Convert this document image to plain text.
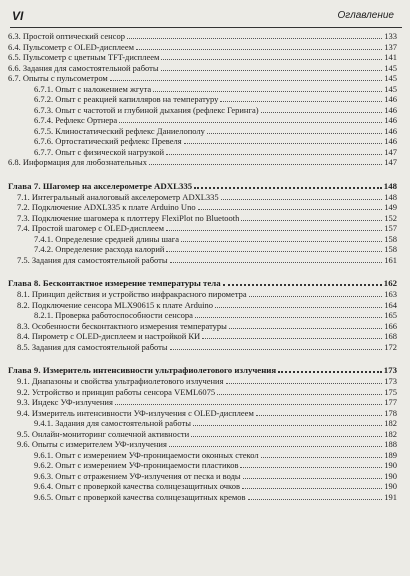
VI	Оглавление
6.3. Простой оптический сенсор	133
6.4. Пульсометр с OLED-дисплеем	137
6.5. Пульсометр с цветным TFT-дисплеем	141
6.6. Задания для самостоятельной работы	145
6.7. Опыты с пульсометром	145
6.7.1. Опыт с наложением жгута	145
6.7.2. Опыт с реакцией капилляров на температуру	146
6.7.3. Опыт с частотой и глубиной дыхания (рефлекс Геринга)	146
6.7.4. Рефлекс Ортнера	146
6.7.5. Клиностатический рефлекс Даниелополу	146
6.7.6. Ортостатический рефлекс Превеля	146
6.7.7. Опыт с физической нагрузкой	147
6.8. Информация для любознательных	147
Глава 7. Шагомер на акселерометре ADXL335	148
7.1. Интегральный аналоговый акселерометр ADXL335	148
7.2. Подключение ADXL335 к плате Arduino Uno	149
7.3. Подключение шагомера к плоттеру FlexiPlot по Bluetooth	152
7.4. Простой шагомер с OLED-дисплеем	157
7.4.1. Определение средней длины шага	158
7.4.2. Определение расхода калорий	158
7.5. Задания для самостоятельной работы	161
Глава 8. Бесконтактное измерение температуры тела	162
8.1. Принцип действия и устройство инфракрасного пирометра	163
8.2. Подключение сенсора MLX90615 к плате Arduino	164
8.2.1. Проверка работоспособности сенсора	165
8.3. Особенности бесконтактного измерения температуры	166
8.4. Пирометр с OLED-дисплеем и настройкой КИ	168
8.5. Задания для самостоятельной работы	172
Глава 9. Измеритель интенсивности ультрафиолетового излучения	173
9.1. Диапазоны и свойства ультрафиолетового излучения	173
9.2. Устройство и принцип работы сенсора VEML6075	175
9.3. Индекс УФ-излучения	177
9.4. Измеритель интенсивности УФ-излучения с OLED-дисплеем	178
9.4.1. Задания для самостоятельной работы	182
9.5. Онлайн-мониторинг солнечной активности	182
9.6. Опыты с измерителем УФ-излучения	188
9.6.1. Опыт с измерением УФ-проницаемости оконных стекол	189
9.6.2. Опыт с измерением УФ-проницаемости пластиков	190
9.6.3. Опыт с отражением УФ-излучения от песка и воды	190
9.6.4. Опыт с проверкой качества солнцезащитных очков	190
9.6.5. Опыт с проверкой качества солнцезащитных кремов	191
